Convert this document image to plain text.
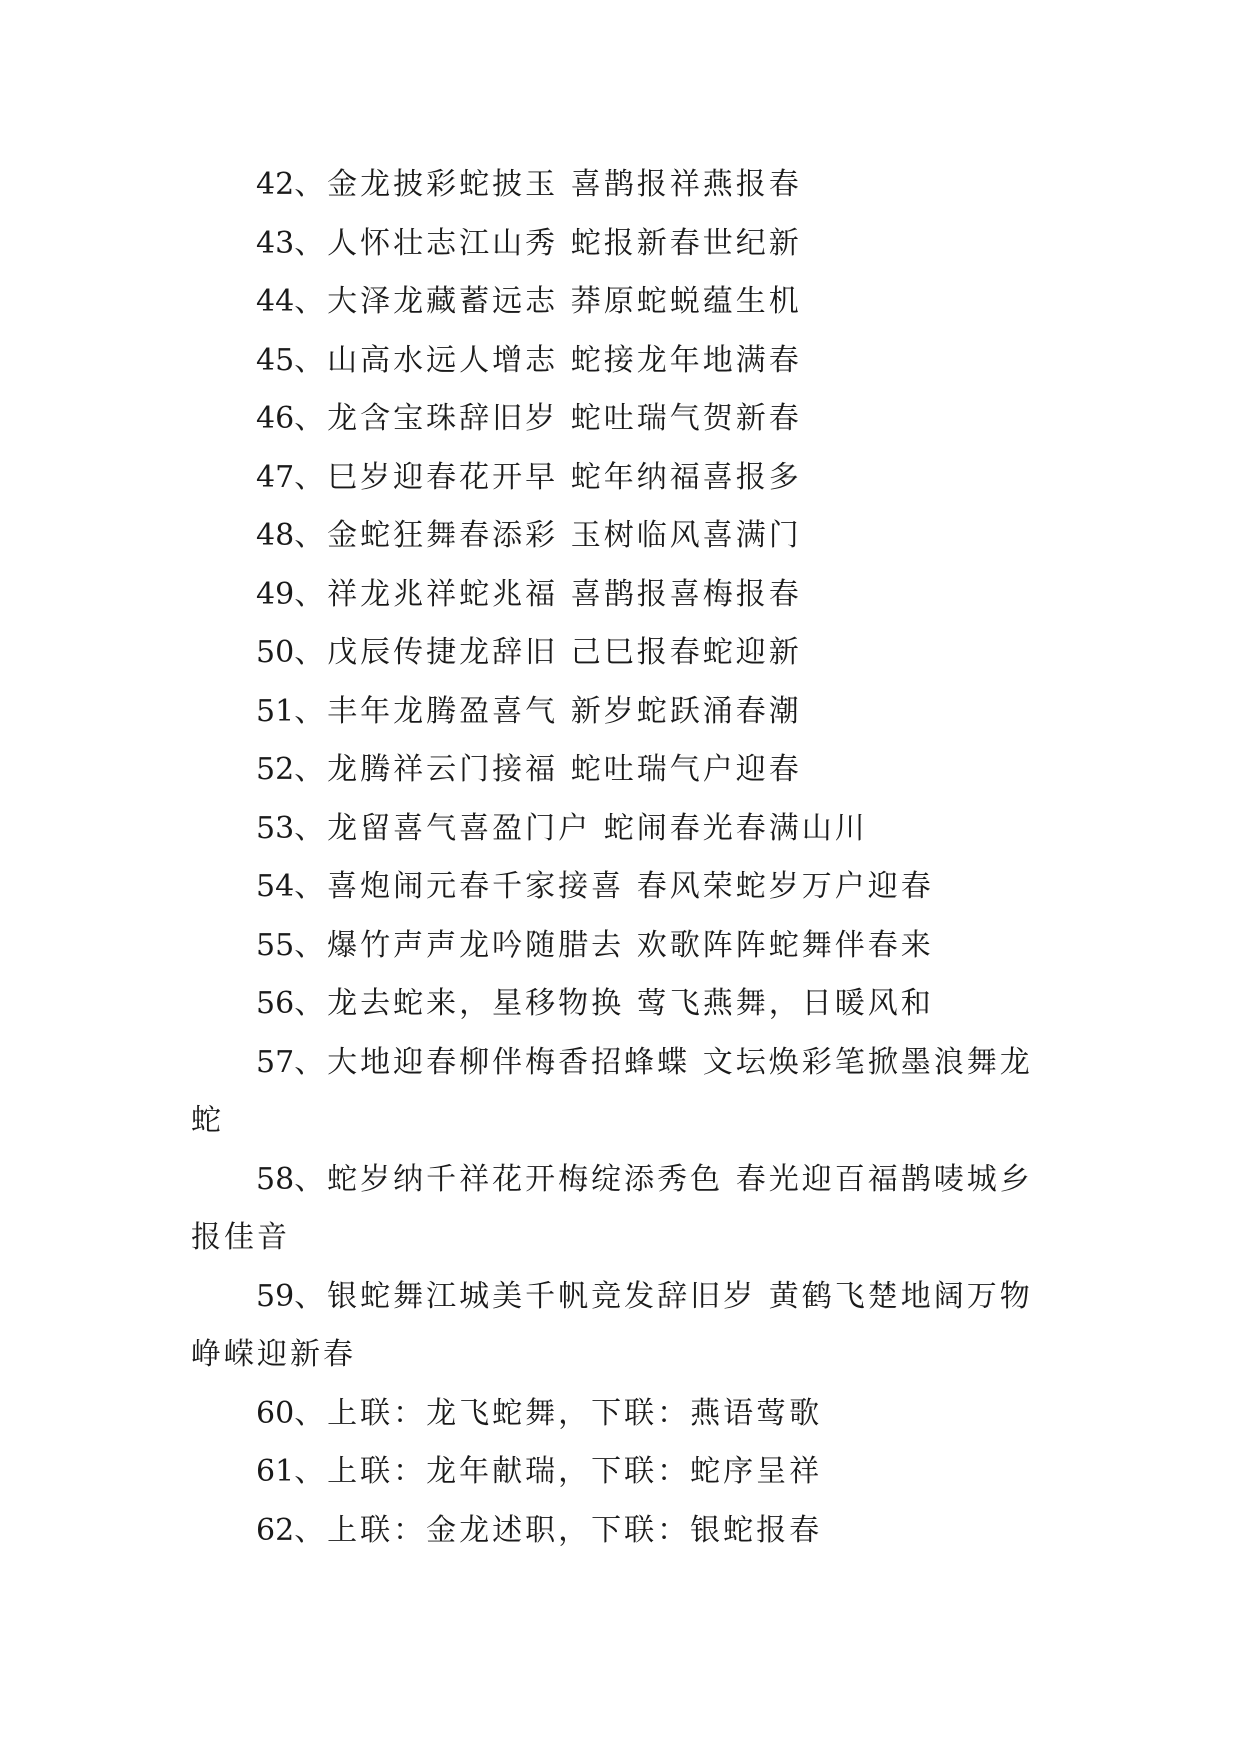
42、金龙披彩蛇披玉 喜鹊报祥燕报春

43、人怀壮志江山秀 蛇报新春世纪新

44、大泽龙藏蓄远志 莽原蛇蜕蕴生机

45、山高水远人增志 蛇接龙年地满春

46、龙含宝珠辞旧岁 蛇吐瑞气贺新春

47、巳岁迎春花开早 蛇年纳福喜报多

48、金蛇狂舞春添彩 玉树临风喜满门

49、祥龙兆祥蛇兆福 喜鹊报喜梅报春

50、戊辰传捷龙辞旧 己巳报春蛇迎新

51、丰年龙腾盈喜气 新岁蛇跃涌春潮

52、龙腾祥云门接福 蛇吐瑞气户迎春

53、龙留喜气喜盈门户 蛇闹春光春满山川

54、喜炮闹元春千家接喜 春风荣蛇岁万户迎春

55、爆竹声声龙吟随腊去 欢歌阵阵蛇舞伴春来

56、龙去蛇来，星移物换 莺飞燕舞，日暖风和

57、大地迎春柳伴梅香招蜂蝶 文坛焕彩笔掀墨浪舞龙蛇

58、蛇岁纳千祥花开梅绽添秀色 春光迎百福鹊唛城乡报佳音

59、银蛇舞江城美千帆竞发辞旧岁 黄鹤飞楚地阔万物峥嵘迎新春

60、上联：龙飞蛇舞，下联：燕语莺歌

61、上联：龙年献瑞，下联：蛇序呈祥

62、上联：金龙述职，下联：银蛇报春
